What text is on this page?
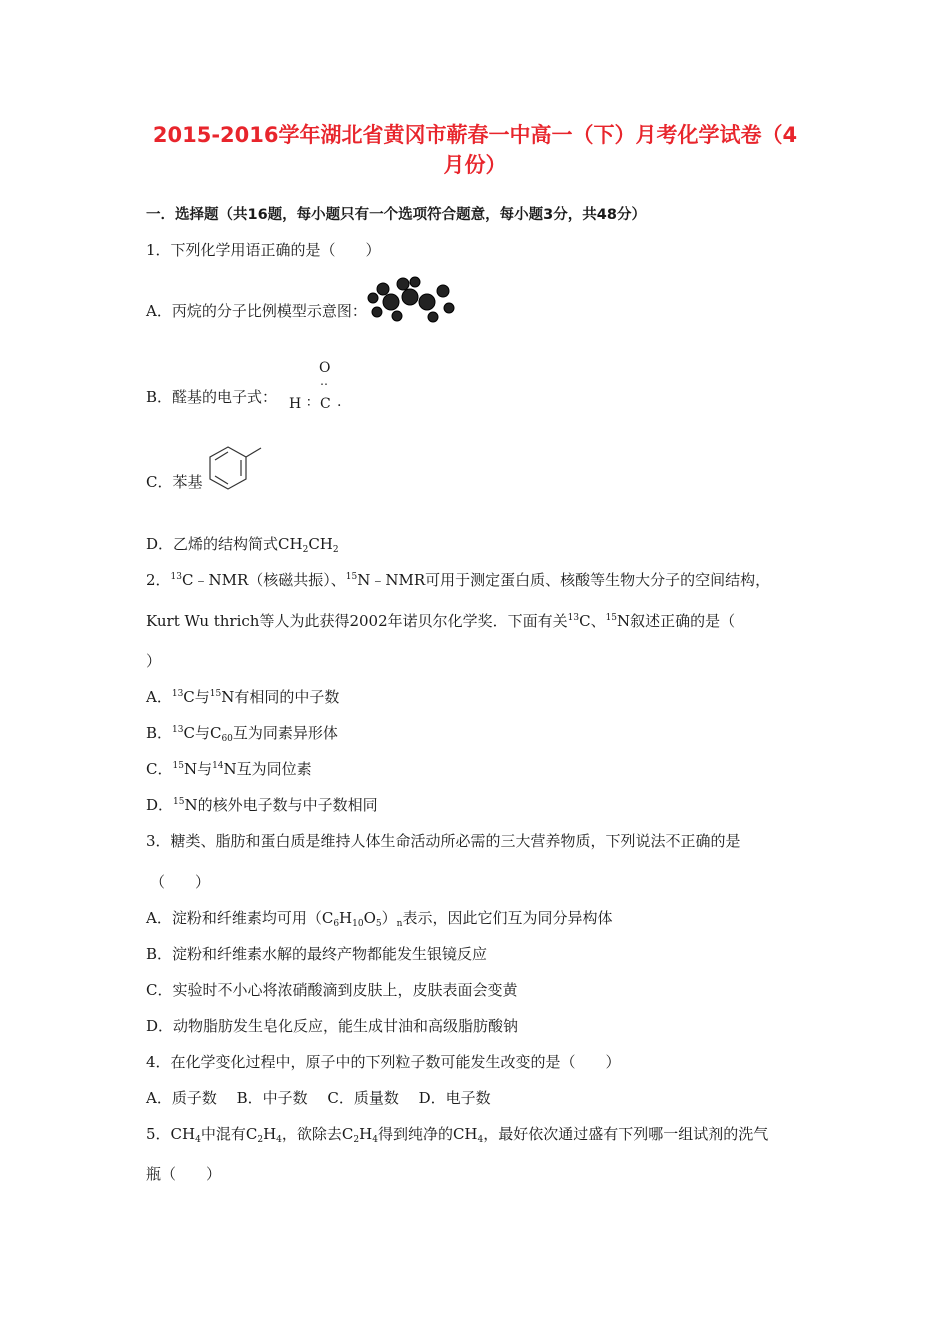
2015-2016学年湖北省黄冈市蕲春一中高一（下）月考化学试卷（4
月份）
一．选择题（共16题，每小题只有一个选项符合题意，每小题3分，共48分）
1．下列化学用语正确的是（　　）
A．丙烷的分子比例模型示意图：
B．醛基的电子式：
O
‥
H ∶ C .
C．苯基
D．乙烯的结构简式$CH_2CH_2$
2．$^{13}$C﹣NMR（核磁共振）、$^{15}$N﹣NMR可用于测定蛋白质、核酸等生物大分子的空间结构，
Kurt Wu thrich等人为此获得2002年诺贝尔化学奖．下面有关$^{13}$C、$^{15}$N叙述正确的是（
）
A．$^{13}$C与$^{15}$N有相同的中子数
B．$^{13}$C与$C_{60}$互为同素异形体
C．$^{15}$N与$^{14}$N互为同位素
D．$^{15}$N的核外电子数与中子数相同
3．糖类、脂肪和蛋白质是维持人体生命活动所必需的三大营养物质，下列说法不正确的是
（　　）
A．淀粉和纤维素均可用$(C_6H_{10}O_5)_n$表示，因此它们互为同分异构体
B．淀粉和纤维素水解的最终产物都能发生银镜反应
C．实验时不小心将浓硝酸滴到皮肤上，皮肤表面会变黄
D．动物脂肪发生皂化反应，能生成甘油和高级脂肪酸钠
4．在化学变化过程中，原子中的下列粒子数可能发生改变的是（　　）
A．质子数　 B．中子数　 C．质量数　 D．电子数
5．$CH_4$中混有$C_2H_4$，欲除去$C_2H_4$得到纯净的$CH_4$，最好依次通过盛有下列哪一组试剂的洗气
瓶（　　）
